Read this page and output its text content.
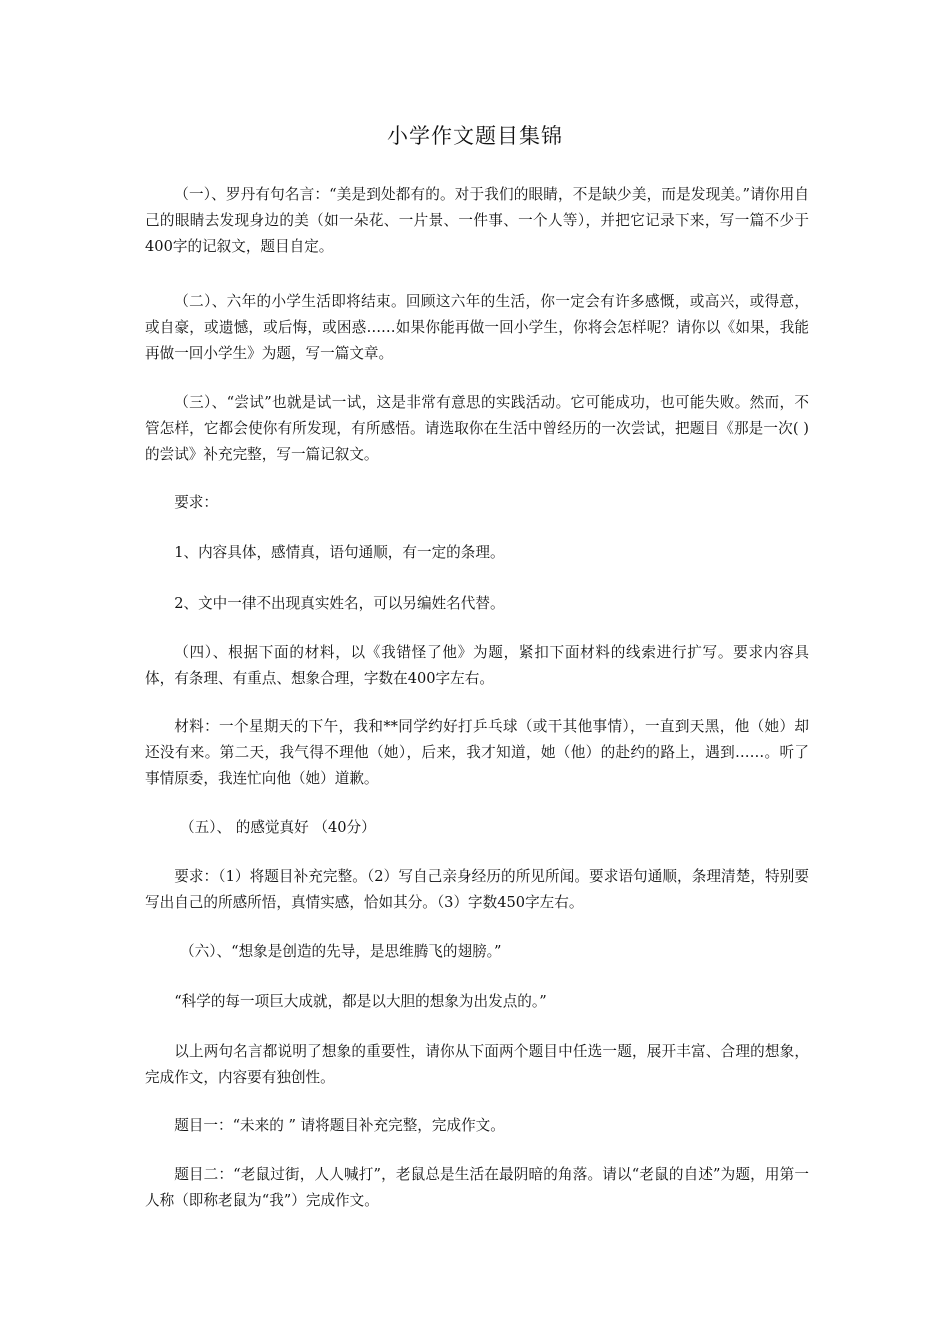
小学作文题目集锦
（一）、罗丹有句名言：“美是到处都有的。对于我们的眼睛，不是缺少美，而是发现美。”请你用自己的眼睛去发现身边的美（如一朵花、一片景、一件事、一个人等），并把它记录下来，写一篇不少于400字的记叙文，题目自定。
（二）、六年的小学生活即将结束。回顾这六年的生活，你一定会有许多感慨，或高兴，或得意，或自豪，或遗憾，或后悔，或困惑……如果你能再做一回小学生，你将会怎样呢？请你以《如果，我能再做一回小学生》为题，写一篇文章。
（三）、“尝试”也就是试一试，这是非常有意思的实践活动。它可能成功，也可能失败。然而，不管怎样，它都会使你有所发现，有所感悟。请选取你在生活中曾经历的一次尝试，把题目《那是一次( )的尝试》补充完整，写一篇记叙文。
要求：
1、内容具体，感情真，语句通顺，有一定的条理。
2、文中一律不出现真实姓名，可以另编姓名代替。
（四）、根据下面的材料，以《我错怪了他》为题，紧扣下面材料的线索进行扩写。要求内容具体，有条理、有重点、想象合理，字数在400字左右。
材料：一个星期天的下午，我和**同学约好打乒乓球（或干其他事情），一直到天黑，他（她）却还没有来。第二天，我气得不理他（她），后来，我才知道，她（他）的赴约的路上，遇到……。听了事情原委，我连忙向他（她）道歉。
（五）、 的感觉真好 （40分）
要求：（1）将题目补充完整。（2）写自己亲身经历的所见所闻。要求语句通顺，条理清楚，特别要写出自己的所感所悟，真情实感，恰如其分。（3）字数450字左右。
（六）、“想象是创造的先导，是思维腾飞的翅膀。”
“科学的每一项巨大成就，都是以大胆的想象为出发点的。”
以上两句名言都说明了想象的重要性，请你从下面两个题目中任选一题，展开丰富、合理的想象，完成作文，内容要有独创性。
题目一：“未来的 ” 请将题目补充完整，完成作文。
题目二：“老鼠过街，人人喊打”，老鼠总是生活在最阴暗的角落。请以“老鼠的自述”为题，用第一人称（即称老鼠为“我”）完成作文。
